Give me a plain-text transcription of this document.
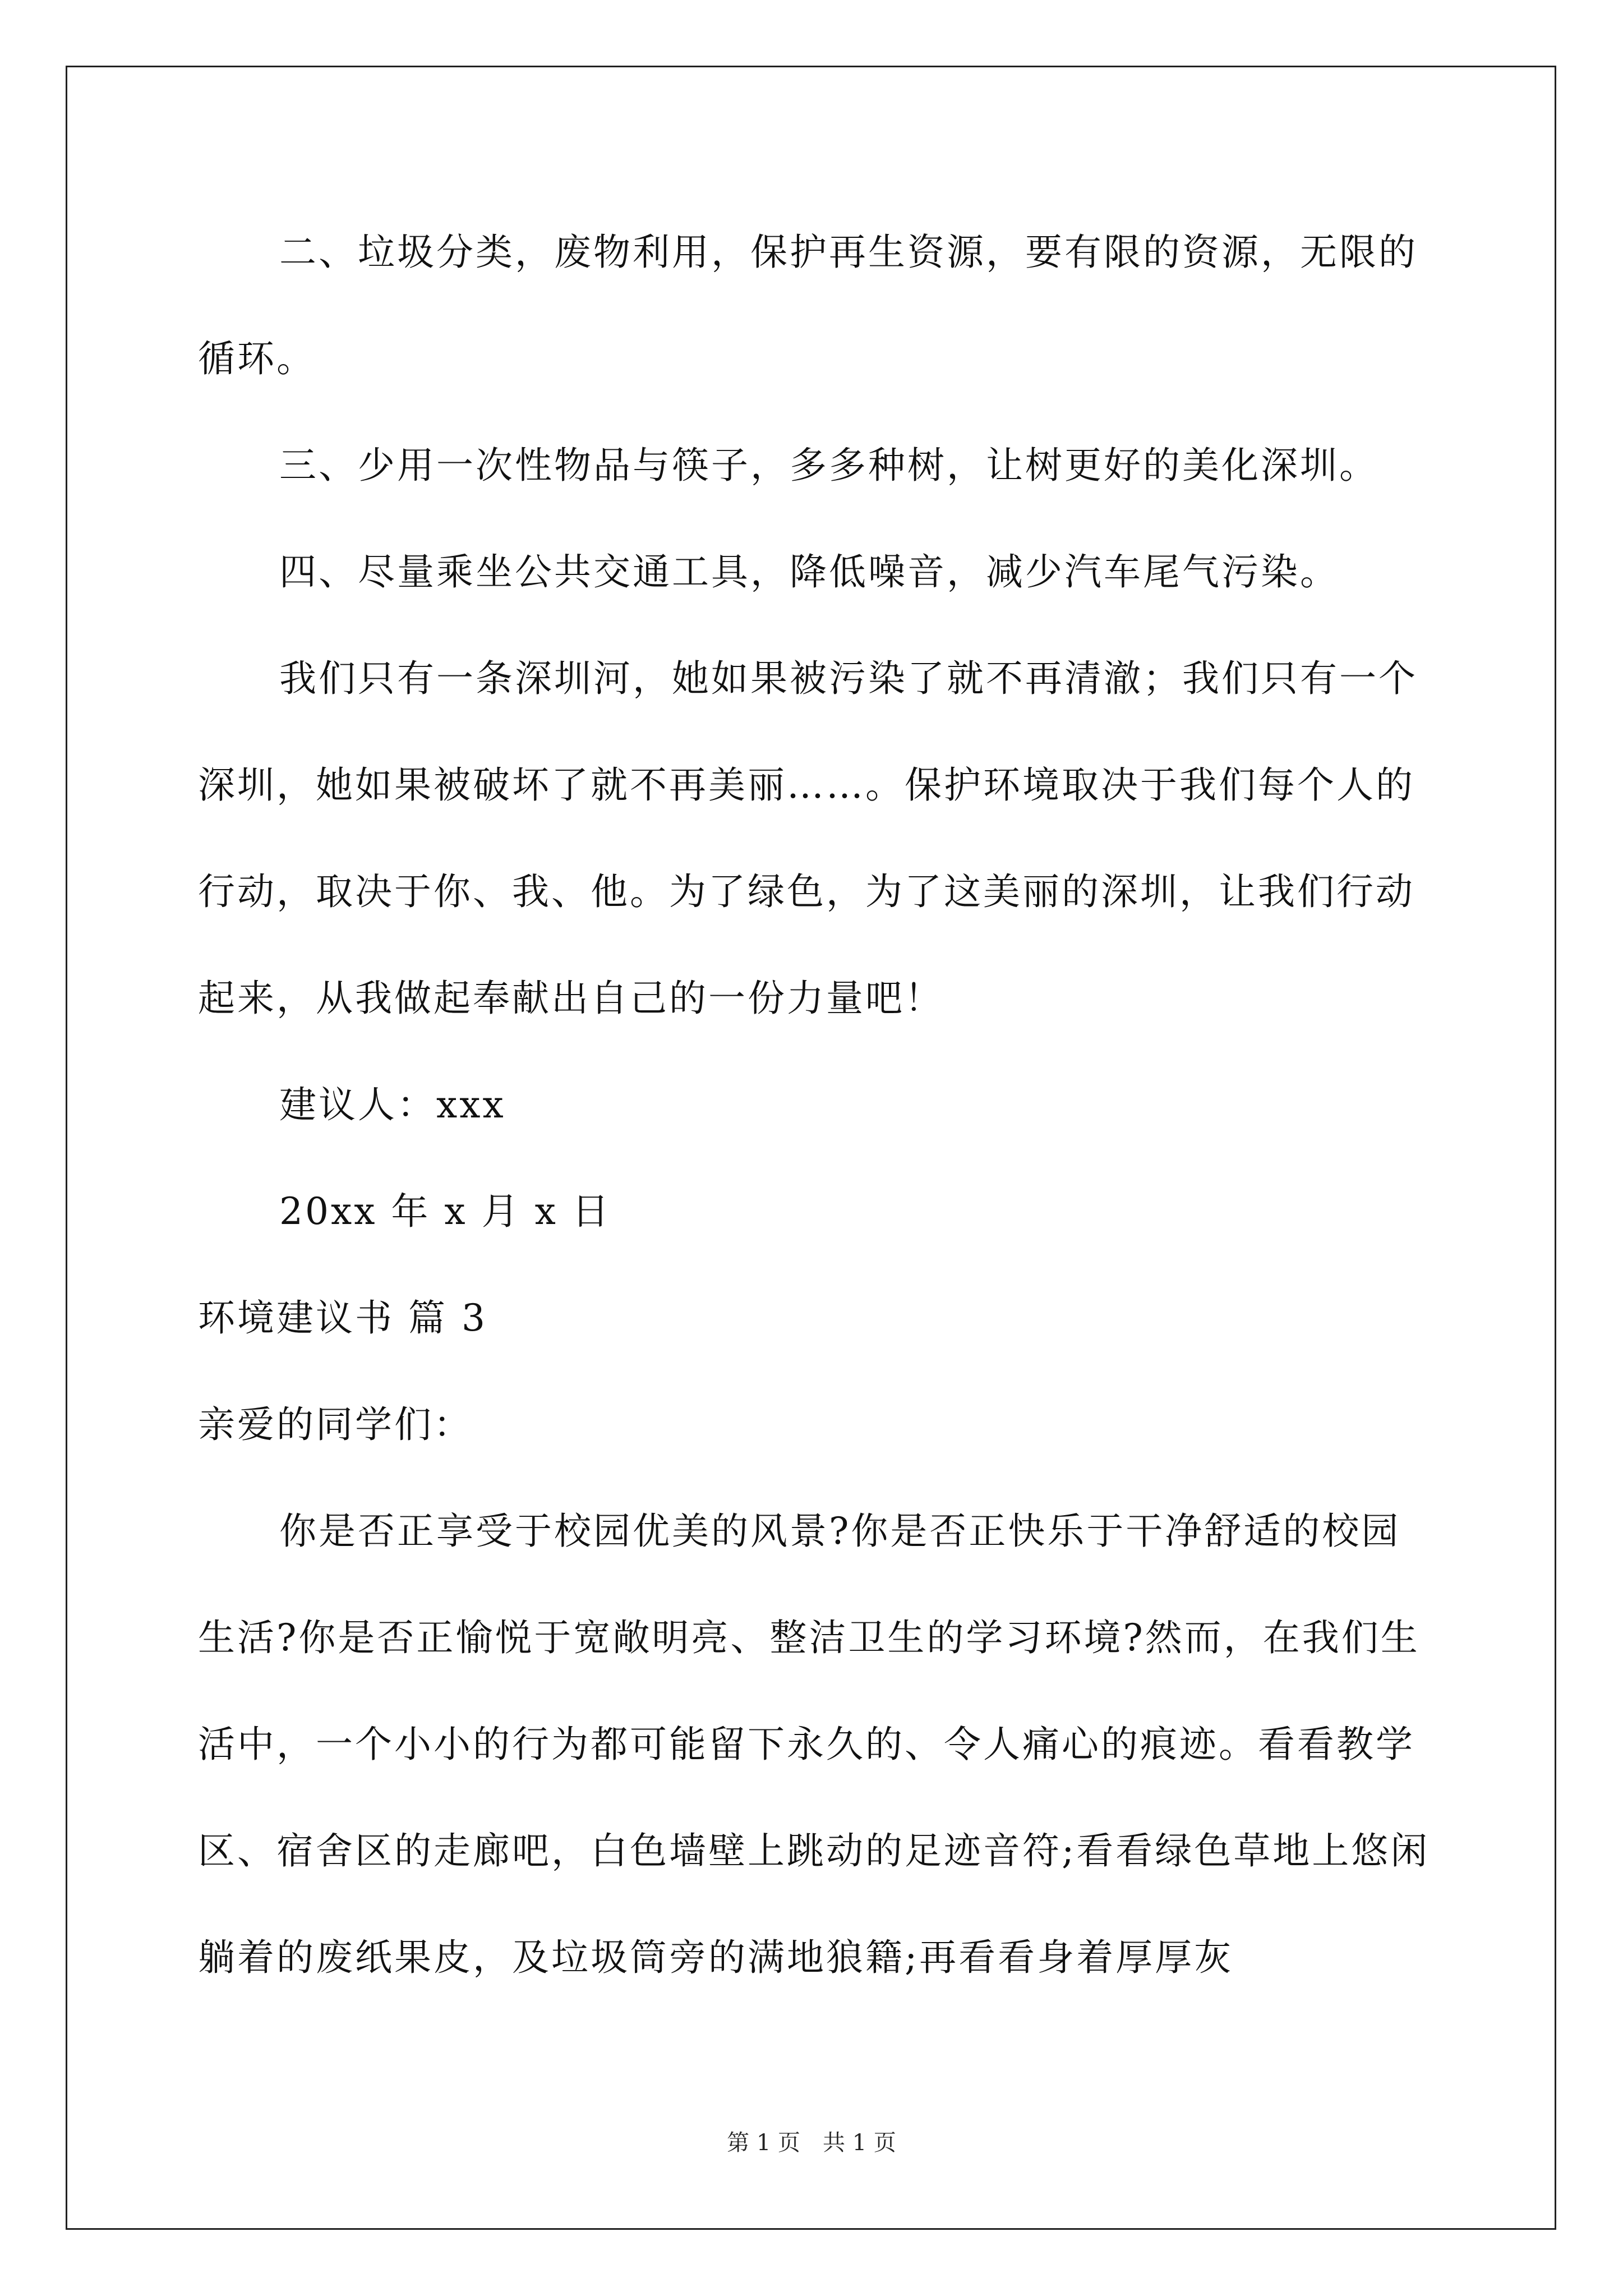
二、垃圾分类，废物利用，保护再生资源，要有限的资源，无限的循环。

三、少用一次性物品与筷子，多多种树，让树更好的美化深圳。

四、尽量乘坐公共交通工具，降低噪音，减少汽车尾气污染。

我们只有一条深圳河，她如果被污染了就不再清澈；我们只有一个深圳，她如果被破坏了就不再美丽……。保护环境取决于我们每个人的行动，取决于你、我、他。为了绿色，为了这美丽的深圳，让我们行动起来，从我做起奉献出自己的一份力量吧！

建议人：xxx

20xx 年 x 月 x 日

环境建议书 篇 3

亲爱的同学们：

你是否正享受于校园优美的风景?你是否正快乐于干净舒适的校园生活?你是否正愉悦于宽敞明亮、整洁卫生的学习环境?然而，在我们生活中，一个小小的行为都可能留下永久的、令人痛心的痕迹。看看教学区、宿舍区的走廊吧，白色墙壁上跳动的足迹音符;看看绿色草地上悠闲躺着的废纸果皮，及垃圾筒旁的满地狼籍;再看看身着厚厚灰

第 1 页　共 1 页
